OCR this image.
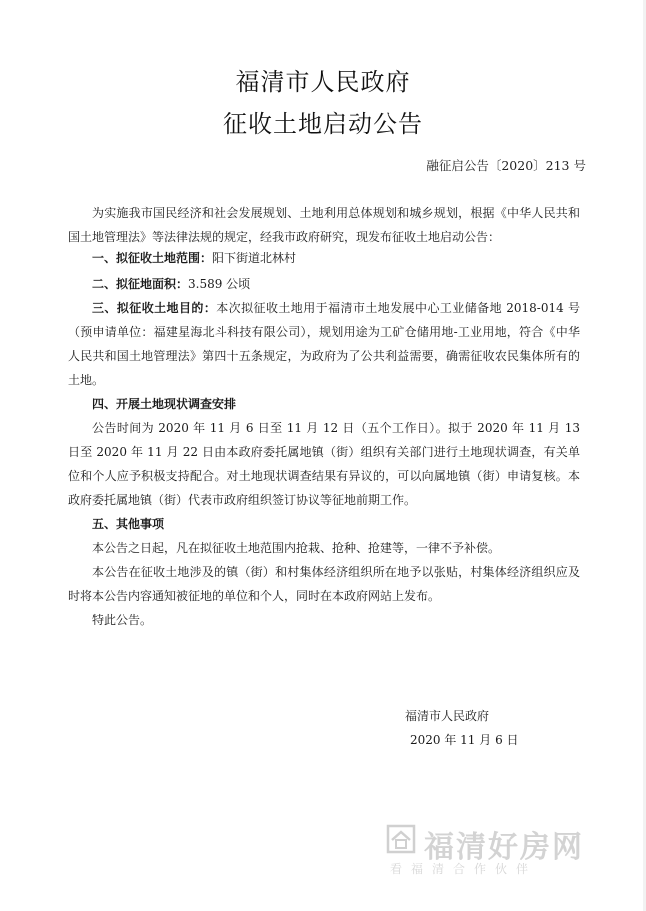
福清市人民政府
征收土地启动公告
融征启公告〔2020〕213 号
为实施我市国民经济和社会发展规划、土地利用总体规划和城乡规划，根据《中华人民共和国土地管理法》等法律法规的规定，经我市政府研究，现发布征收土地启动公告：
一、拟征收土地范围：阳下街道北林村
二、拟征地面积：3.589 公顷
三、拟征收土地目的：本次拟征收土地用于福清市土地发展中心工业储备地 2018-014 号（预申请单位：福建星海北斗科技有限公司），规划用途为工矿仓储用地-工业用地，符合《中华人民共和国土地管理法》第四十五条规定，为政府为了公共利益需要，确需征收农民集体所有的土地。
四、开展土地现状调查安排
公告时间为 2020 年 11 月 6 日至 11 月 12 日（五个工作日）。拟于 2020 年 11 月 13 日至 2020 年 11 月 22 日由本政府委托属地镇（街）组织有关部门进行土地现状调查，有关单位和个人应予积极支持配合。对土地现状调查结果有异议的，可以向属地镇（街）申请复核。本政府委托属地镇（街）代表市政府组织签订协议等征地前期工作。
五、其他事项
本公告之日起，凡在拟征收土地范围内抢栽、抢种、抢建等，一律不予补偿。
本公告在征收土地涉及的镇（街）和村集体经济组织所在地予以张贴，村集体经济组织应及时将本公告内容通知被征地的单位和个人，同时在本政府网站上发布。
特此公告。
福清市人民政府
2020 年 11 月 6 日
福清好房网
看福清合作伙伴
